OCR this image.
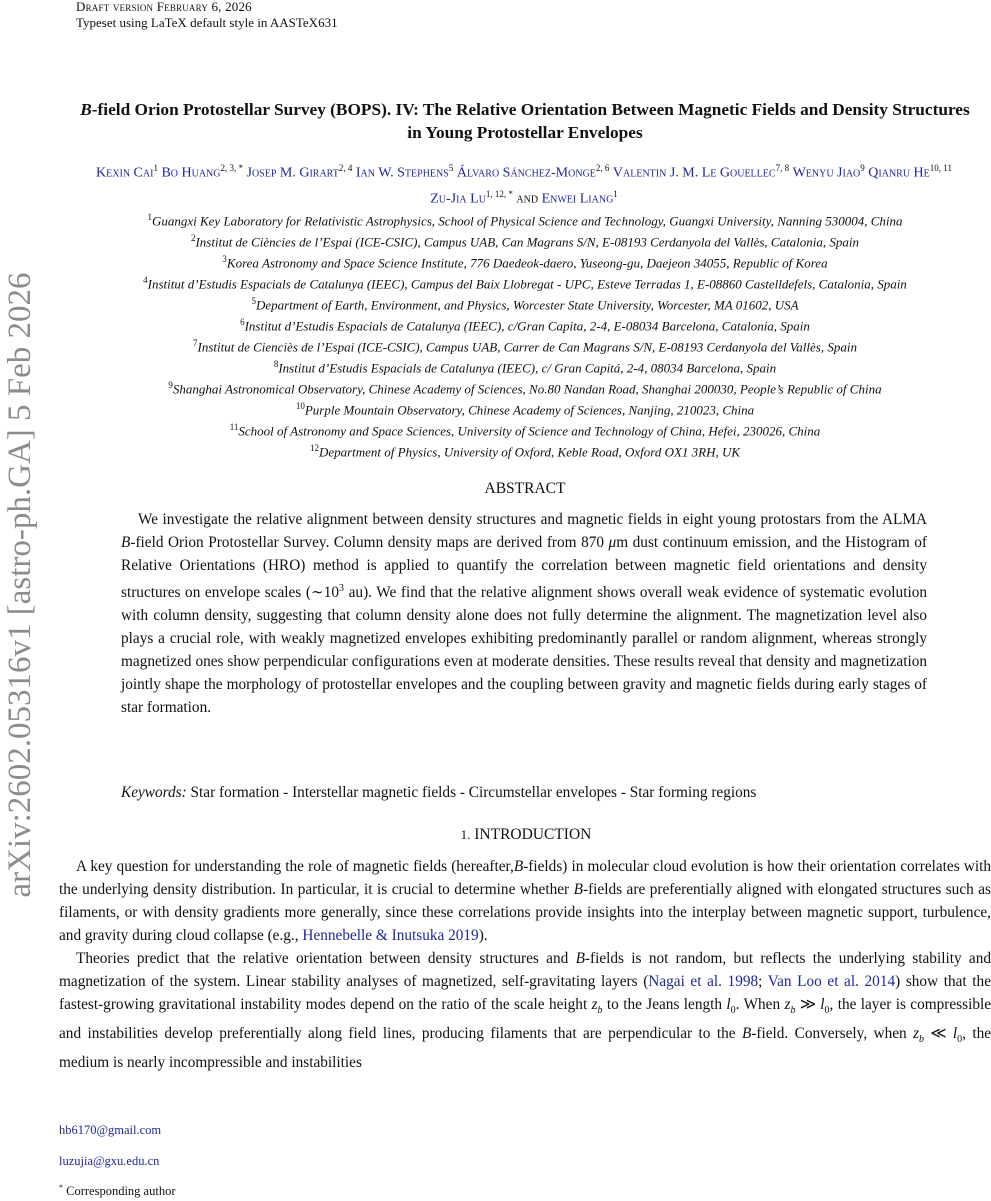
Draft version February 6, 2026
Typeset using LaTeX default style in AASTeX631
arXiv:2602.05316v1 [astro-ph.GA] 5 Feb 2026
B-field Orion Protostellar Survey (BOPS). IV: The Relative Orientation Between Magnetic Fields and Density Structures
in Young Protostellar Envelopes
Kexin Cai$^1$ Bo Huang$^{2, 3, *}$ Josep M. Girart$^{2, 4}$ Ian W. Stephens$^5$ Álvaro Sánchez-Monge$^{2, 6}$ Valentin J. M. Le Gouellec$^{7, 8}$ Wenyu Jiao$^9$ Qianru He$^{10, 11}$
Zu-Jia $Lu^{1, 12, *}$ and Enwei Liang$^1$
$^1$Guangxi Key Laboratory for Relativistic Astrophysics, School of Physical Science and Technology, Guangxi University, Nanning 530004, China
$^2$Institut de Ciències de l’Espai (ICE-CSIC), Campus UAB, Can Magrans S/N, E-08193 Cerdanyola del Vallès, Catalonia, Spain
$^3$Korea Astronomy and Space Science Institute, 776 Daedeok-daero, Yuseong-gu, Daejeon 34055, Republic of Korea
$^4$Institut d’Estudis Espacials de Catalunya (IEEC), Campus del Baix Llobregat - UPC, Esteve Terradas 1, E-08860 Castelldefels, Catalonia, Spain
$^5$Department of Earth, Environment, and Physics, Worcester State University, Worcester, MA 01602, USA
$^6$Institut d’Estudis Espacials de Catalunya (IEEC), c/Gran Capita, 2-4, E-08034 Barcelona, Catalonia, Spain
$^7$Institut de Cienciès de l’Espai (ICE-CSIC), Campus UAB, Carrer de Can Magrans S/N, E-08193 Cerdanyola del Vallès, Spain
$^8$Institut d’Estudis Espacials de Catalunya (IEEC), c/ Gran Capitá, 2-4, 08034 Barcelona, Spain
$^9$Shanghai Astronomical Observatory, Chinese Academy of Sciences, No.80 Nandan Road, Shanghai 200030, People’s Republic of China
$^{10}$Purple Mountain Observatory, Chinese Academy of Sciences, Nanjing, 210023, China
$^{11}$School of Astronomy and Space Sciences, University of Science and Technology of China, Hefei, 230026, China
$^{12}$Department of Physics, University of Oxford, Keble Road, Oxford OX1 3RH, UK
ABSTRACT

We investigate the relative alignment between density structures and magnetic fields in eight young protostars from the ALMA B-field Orion Protostellar Survey. Column density maps are derived from 870 μm dust continuum emission, and the Histogram of Relative Orientations (HRO) method is applied to quantify the correlation between magnetic field orientations and density structures on envelope scales ($\sim 10^3$ au). We find that the relative alignment shows overall weak evidence of systematic evolution with column density, suggesting that column density alone does not fully determine the alignment. The magnetization level also plays a crucial role, with weakly magnetized envelopes exhibiting predominantly parallel or random alignment, whereas strongly magnetized ones show perpendicular configurations even at moderate densities. These results reveal that density and magnetization jointly shape the morphology of protostellar envelopes and the coupling between gravity and magnetic fields during early stages of star formation.

Keywords: Star formation - Interstellar magnetic fields - Circumstellar envelopes - Star forming regions
1. INTRODUCTION

A key question for understanding the role of magnetic fields (hereafter,B-fields) in molecular cloud evolution is how their orientation correlates with the underlying density distribution. In particular, it is crucial to determine whether B-fields are preferentially aligned with elongated structures such as filaments, or with density gradients more generally, since these correlations provide insights into the interplay between magnetic support, turbulence, and gravity during cloud collapse (e.g., Hennebelle & Inutsuka 2019).

Theories predict that the relative orientation between density structures and B-fields is not random, but reflects the underlying stability and magnetization of the system. Linear stability analyses of magnetized, self-gravitating layers (Nagai et al. 1998; Van Loo et al. 2014) show that the fastest-growing gravitational instability modes depend on the ratio of the scale height $z_b$ to the Jeans length $l_0$. When $z_b$ ≫ $l_0$, the layer is compressible and instabilities develop preferentially along field lines, producing filaments that are perpendicular to the B-field. Conversely, when $z_b$ ≪ $l_0$, the medium is nearly incompressible and instabilities

hb6170@gmail.com
luzujia@gxu.edu.cn
* Corresponding author
